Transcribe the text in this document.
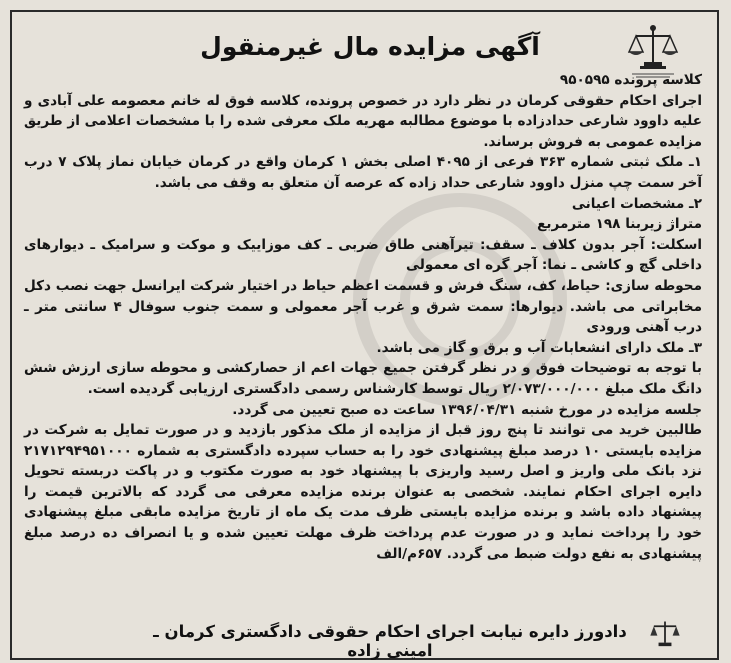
آگهی مزایده مال غیرمنقول

کلاسه پرونده ۹۵۰۵۹۵

اجرای احکام حقوقی کرمان در نظر دارد در خصوص پرونده، کلاسه فوق له خانم معصومه علی آبادی و علیه داوود شارعی حدادزاده با موضوع مطالبه مهریه ملک معرفی شده را با مشخصات اعلامی از طریق مزایده عمومی به فروش برساند.

۱ـ ملک ثبتی شماره ۳۶۳ فرعی از ۴۰۹۵ اصلی بخش ۱ کرمان واقع در کرمان خیابان نماز پلاک ۷ درب آخر سمت چپ منزل داوود شارعی حداد زاده که عرصه آن متعلق به وقف می باشد.

۲ـ مشخصات اعیانی

متراژ زیربنا ۱۹۸ مترمربع

اسکلت: آجر بدون کلاف ـ سقف: تیرآهنی طاق ضربی ـ کف موزاییک و موکت و سرامیک ـ دیوارهای داخلی گچ و کاشی ـ نما: آجر گره ای معمولی

محوطه سازی: حیاط، کف، سنگ فرش و قسمت اعظم حیاط در اختیار شرکت ایرانسل جهت نصب دکل مخابراتی می باشد. دیوارها: سمت شرق و غرب آجر معمولی و سمت جنوب سوفال ۴ سانتی متر ـ درب آهنی ورودی

۳ـ ملک دارای انشعابات آب و برق و گاز می باشد.

با توجه به توضیحات فوق و در نظر گرفتن جمیع جهات اعم از حصارکشی و محوطه سازی ارزش شش دانگ ملک مبلغ ۲/۰۷۳/۰۰۰/۰۰۰ ریال توسط کارشناس رسمی دادگستری ارزیابی گردیده است.

جلسه مزایده در مورخ شنبه ۱۳۹۶/۰۴/۳۱ ساعت ده صبح تعیین می گردد.

طالبین خرید می توانند تا پنج روز قبل از مزایده از ملک مذکور بازدید و در صورت تمایل به شرکت در مزایده بایستی ۱۰ درصد مبلغ پیشنهادی خود را به حساب سپرده دادگستری به شماره ۲۱۷۱۲۹۴۹۵۱۰۰۰ نزد بانک ملی واریز و اصل رسید واریزی با پیشنهاد خود به صورت مکتوب و در پاکت دربسته تحویل دایره اجرای احکام نمایند. شخصی به عنوان برنده مزایده معرفی می گردد که بالاترین قیمت را پیشنهاد داده باشد و برنده مزایده بایستی ظرف مدت یک ماه از تاریخ مزایده مابقی مبلغ پیشنهادی خود را پرداخت نماید و در صورت عدم پرداخت ظرف مهلت تعیین شده و یا انصراف ده درصد مبلغ پیشنهادی به نفع دولت ضبط می گردد. ۶۵۷م/الف

دادورز دایره نیابت اجرای احکام حقوقی دادگستری کرمان ـ امینی زاده
